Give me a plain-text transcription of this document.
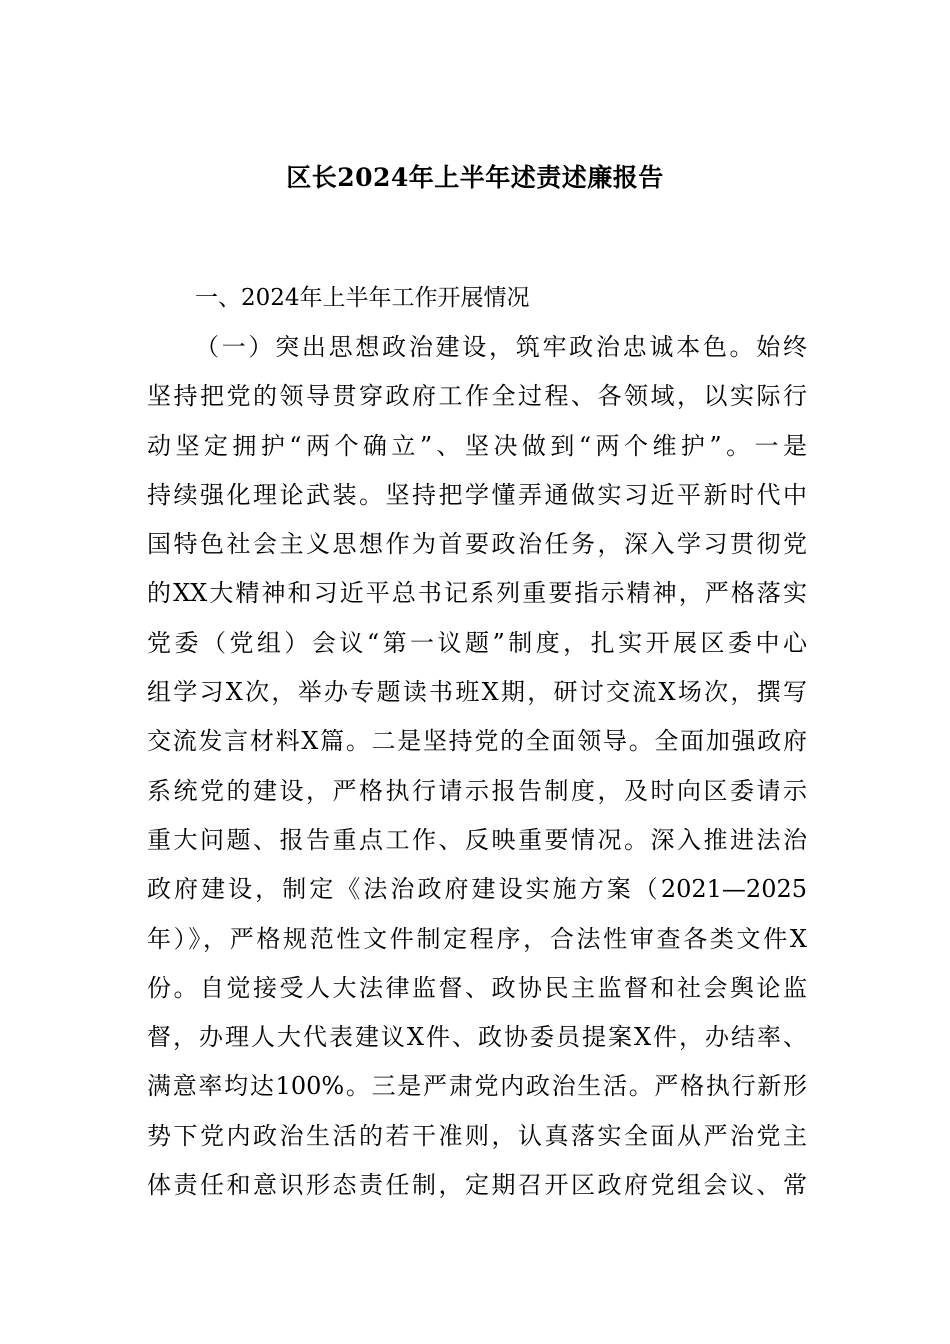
区长2024年上半年述责述廉报告
一、2024年上半年工作开展情况
（一）突出思想政治建设，筑牢政治忠诚本色。始终
坚持把党的领导贯穿政府工作全过程、各领域，以实际行
动坚定拥护“两个确立”、坚决做到“两个维护”。一是
持续强化理论武装。坚持把学懂弄通做实习近平新时代中
国特色社会主义思想作为首要政治任务，深入学习贯彻党
的XX大精神和习近平总书记系列重要指示精神，严格落实
党委（党组）会议“第一议题”制度，扎实开展区委中心
组学习X次，举办专题读书班X期，研讨交流X场次，撰写
交流发言材料X篇。二是坚持党的全面领导。全面加强政府
系统党的建设，严格执行请示报告制度，及时向区委请示
重大问题、报告重点工作、反映重要情况。深入推进法治
政府建设，制定《法治政府建设实施方案（2021—2025
年）》，严格规范性文件制定程序，合法性审查各类文件X
份。自觉接受人大法律监督、政协民主监督和社会舆论监
督，办理人大代表建议X件、政协委员提案X件，办结率、
满意率均达100%。三是严肃党内政治生活。严格执行新形
势下党内政治生活的若干准则，认真落实全面从严治党主
体责任和意识形态责任制，定期召开区政府党组会议、常
